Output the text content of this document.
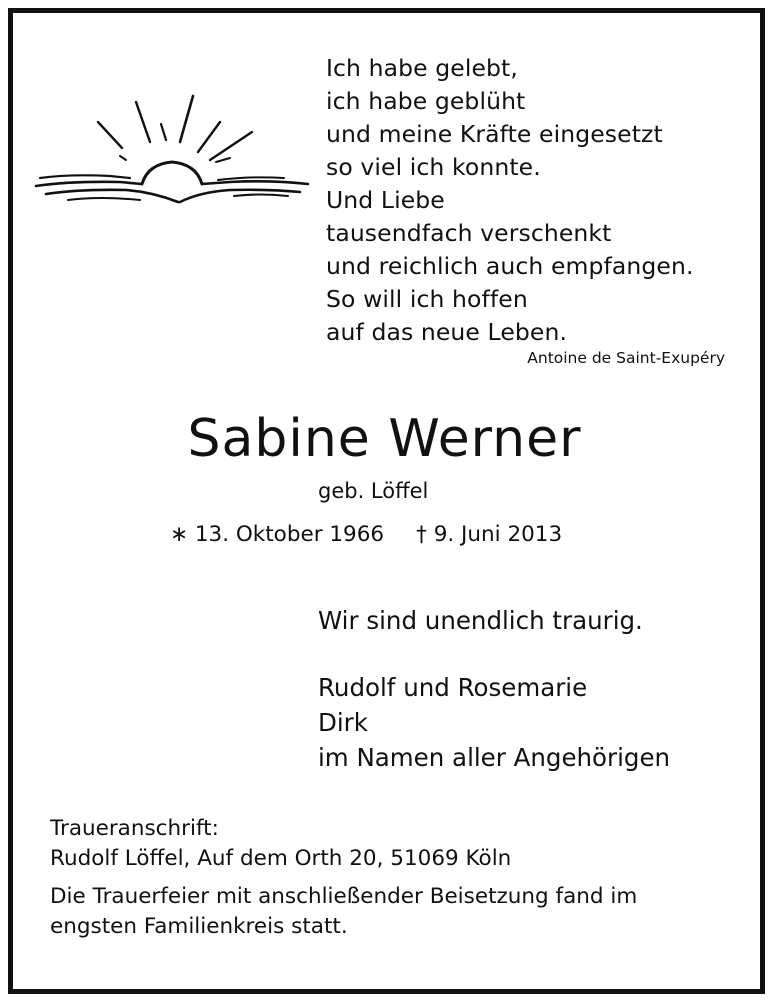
Ich habe gelebt,
ich habe geblüht
und meine Kräfte eingesetzt
so viel ich konnte.
Und Liebe
tausendfach verschenkt
und reichlich auch empfangen.
So will ich hoffen
auf das neue Leben.
Antoine de Saint-Exupéry
Sabine Werner
geb. Löffel
∗ 13. Oktober 1966 † 9. Juni 2013
Wir sind unendlich traurig.
Rudolf und Rosemarie
Dirk
im Namen aller Angehörigen
Traueranschrift:
Rudolf Löffel, Auf dem Orth 20, 51069 Köln
Die Trauerfeier mit anschließender Beisetzung fand im
engsten Familienkreis statt.
